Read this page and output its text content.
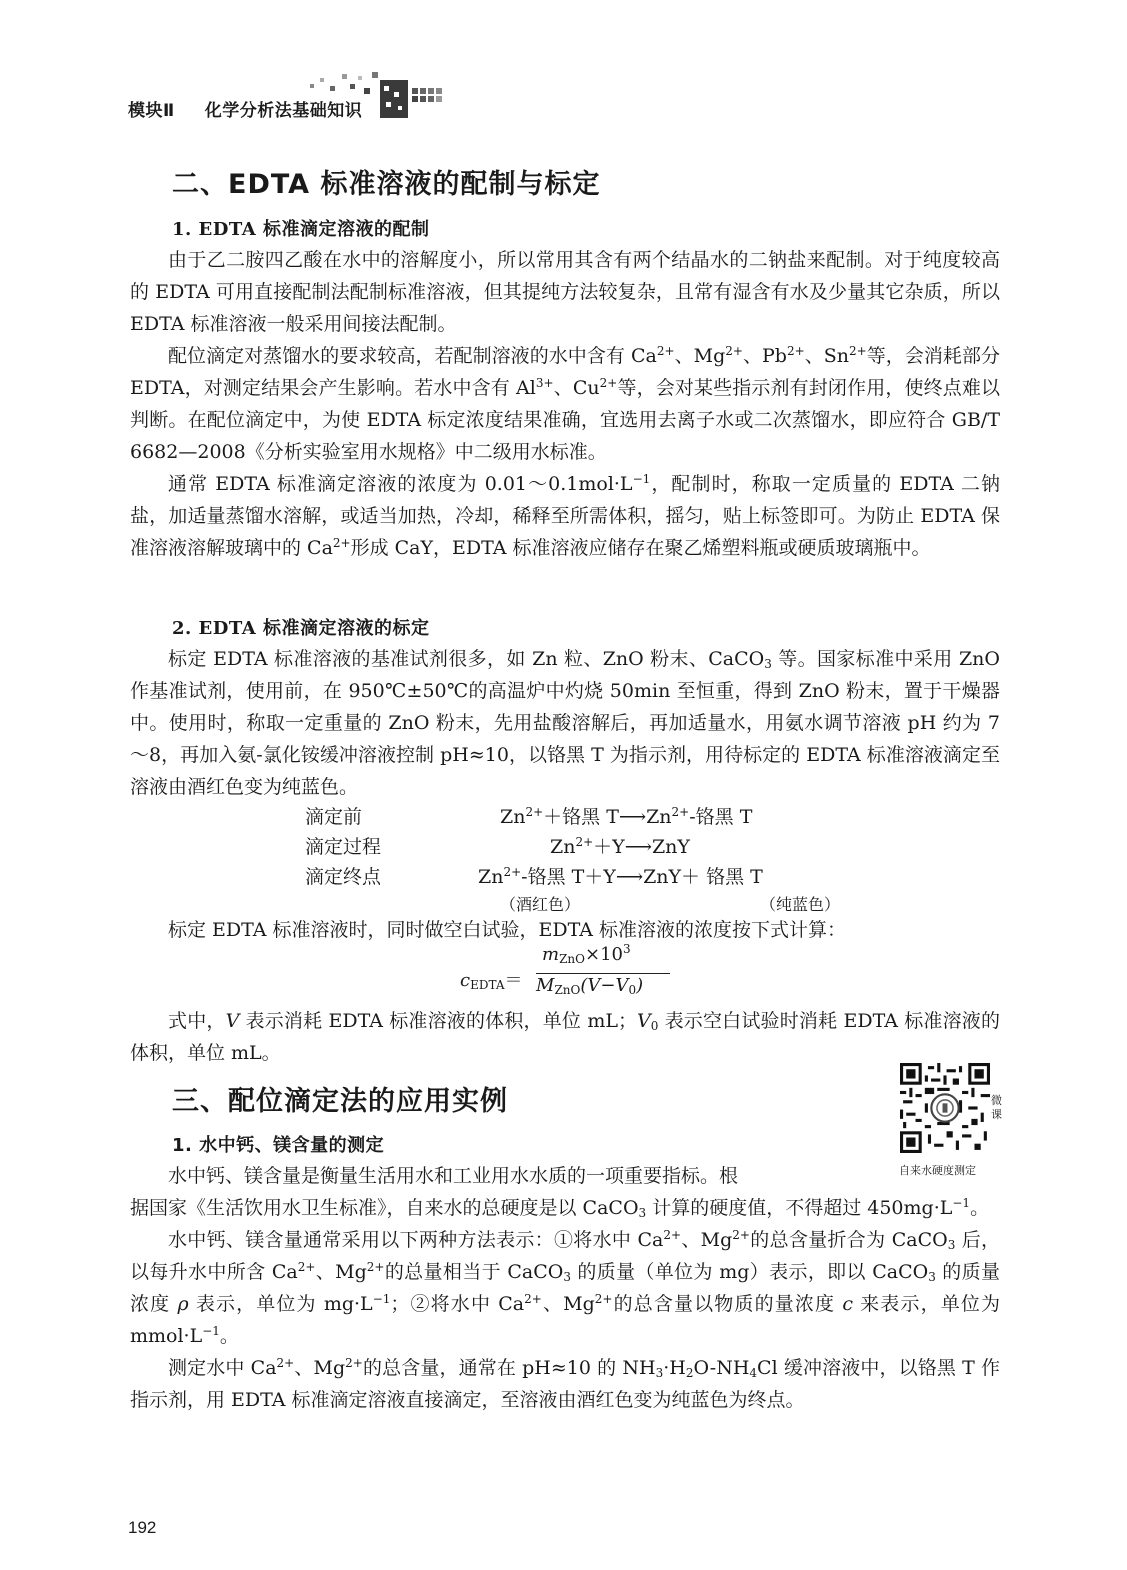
模块Ⅱ 化学分析法基础知识
二、EDTA 标准溶液的配制与标定
1. EDTA 标准滴定溶液的配制

由于乙二胺四乙酸在水中的溶解度小，所以常用其含有两个结晶水的二钠盐来配制。对于纯度较高的 EDTA 可用直接配制法配制标准溶液，但其提纯方法较复杂，且常有湿含有水及少量其它杂质，所以 EDTA 标准溶液一般采用间接法配制。

配位滴定对蒸馏水的要求较高，若配制溶液的水中含有 $Ca^{2+}$、$Mg^{2+}$、$Pb^{2+}$、$Sn^{2+}$等，会消耗部分 EDTA，对测定结果会产生影响。若水中含有 $Al^{3+}$、$Cu^{2+}$等，会对某些指示剂有封闭作用，使终点难以判断。在配位滴定中，为使 EDTA 标定浓度结果准确，宜选用去离子水或二次蒸馏水，即应符合 GB/T 6682—2008《分析实验室用水规格》中二级用水标准。

通常 EDTA 标准滴定溶液的浓度为 $0.01\sim 0.1mol\cdot L^{-1}$，配制时，称取一定质量的 EDTA 二钠盐，加适量蒸馏水溶解，或适当加热，冷却，稀释至所需体积，摇匀，贴上标签即可。为防止 EDTA 保准溶液溶解玻璃中的 $Ca^{2+}$形成 CaY，EDTA 标准溶液应储存在聚乙烯塑料瓶或硬质玻璃瓶中。

2. EDTA 标准滴定溶液的标定

标定 EDTA 标准溶液的基准试剂很多，如 Zn 粒、ZnO 粉末、CaCO$_3$ 等。国家标准中采用 ZnO 作基准试剂，使用前，在 950℃±50℃的高温炉中灼烧 50min 至恒重，得到 ZnO 粉末，置于干燥器中。使用时，称取一定重量的 ZnO 粉末，先用盐酸溶解后，再加适量水，用氨水调节溶液 pH 约为 7～8，再加入氨-氯化铵缓冲溶液控制 pH≈10，以铬黑 T 为指示剂，用待标定的 EDTA 标准溶液滴定至溶液由酒红色变为纯蓝色。

滴定前	$Zn^{2+}+$铬黑 $T⟶Zn^{2+}-$铬黑 T
滴定过程	$Zn^{2+}+Y⟶ZnY$
滴定终点	$Zn^{2+}-$铬黑 T＋Y⟶ZnY＋ 铬黑 T
（酒红色）	（纯蓝色）

标定 EDTA 标准溶液时，同时做空白试验，EDTA 标准溶液的浓度按下式计算：

$c_{EDTA}=$
$m_{ZnO}\times 10^3$
$M_{ZnO}(V-V_0)$

式中，V 表示消耗 EDTA 标准溶液的体积，单位 mL；$V_0$ 表示空白试验时消耗 EDTA 标准溶液的体积，单位 mL。

三、配位滴定法的应用实例
1. 水中钙、镁含量的测定
微课
自来水硬度测定

水中钙、镁含量是衡量生活用水和工业用水水质的一项重要指标。根

据国家《生活饮用水卫生标准》，自来水的总硬度是以 CaCO$_3$ 计算的硬度值，不得超过 $450mg\cdot L^{-1}$。

水中钙、镁含量通常采用以下两种方法表示：①将水中 $Ca^{2+}$、$Mg^{2+}$的总含量折合为 CaCO$_3$ 后，以每升水中所含 $Ca^{2+}$、$Mg^{2+}$的总量相当于 CaCO$_3$ 的质量（单位为 mg）表示，即以 CaCO$_3$ 的质量浓度 ρ 表示，单位为 $mg\cdot L^{-1}$；②将水中 $Ca^{2+}$、$Mg^{2+}$的总含量以物质的量浓度 c 来表示，单位为 $mmol\cdot L^{-1}$。

测定水中 $Ca^{2+}$、$Mg^{2+}$的总含量，通常在 pH≈10 的 $NH_3\cdot H_2O-NH_4Cl$ 缓冲溶液中，以铬黑 T 作指示剂，用 EDTA 标准滴定溶液直接滴定，至溶液由酒红色变为纯蓝色为终点。

192
